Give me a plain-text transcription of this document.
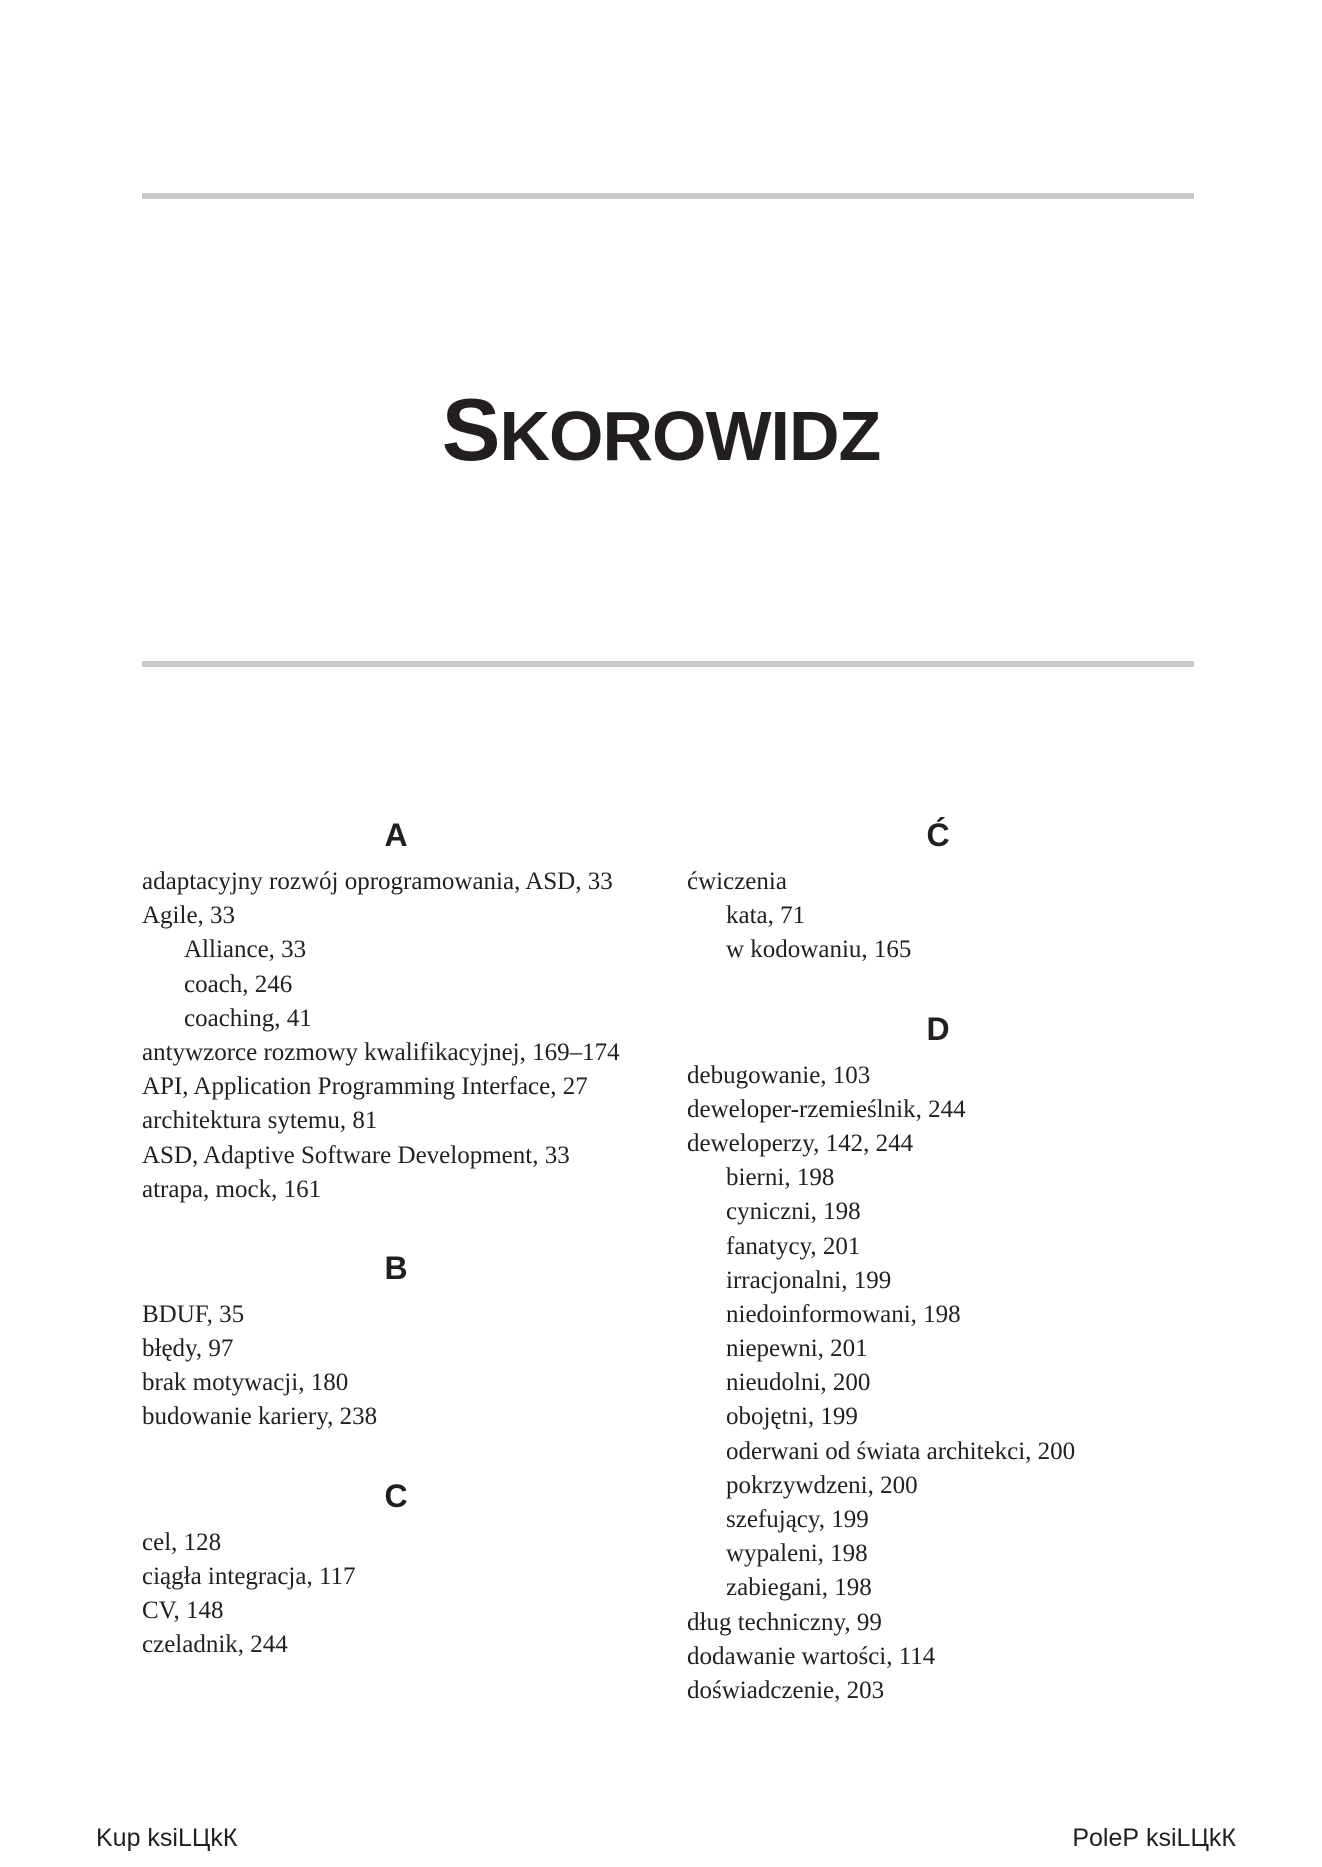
SKOROWIDZ
A
adaptacyjny rozwój oprogramowania, ASD, 33
Agile, 33
Alliance, 33
coach, 246
coaching, 41
antywzorce rozmowy kwalifikacyjnej, 169–174
API, Application Programming Interface, 27
architektura sytemu, 81
ASD, Adaptive Software Development, 33
atrapa, mock, 161
B
BDUF, 35
błędy, 97
brak motywacji, 180
budowanie kariery, 238
C
cel, 128
ciągła integracja, 117
CV, 148
czeladnik, 244
Ć
ćwiczenia
kata, 71
w kodowaniu, 165
D
debugowanie, 103
deweloper-rzemieślnik, 244
deweloperzy, 142, 244
bierni, 198
cyniczni, 198
fanatycy, 201
irracjonalni, 199
niedoinformowani, 198
niepewni, 201
nieudolni, 200
obojętni, 199
oderwani od świata architekci, 200
pokrzywdzeni, 200
szefujący, 199
wypaleni, 198
zabiegani, 198
dług techniczny, 99
dodawanie wartości, 114
doświadczenie, 203
Kup ksiLЦkК	PoleР ksiLЦkК
